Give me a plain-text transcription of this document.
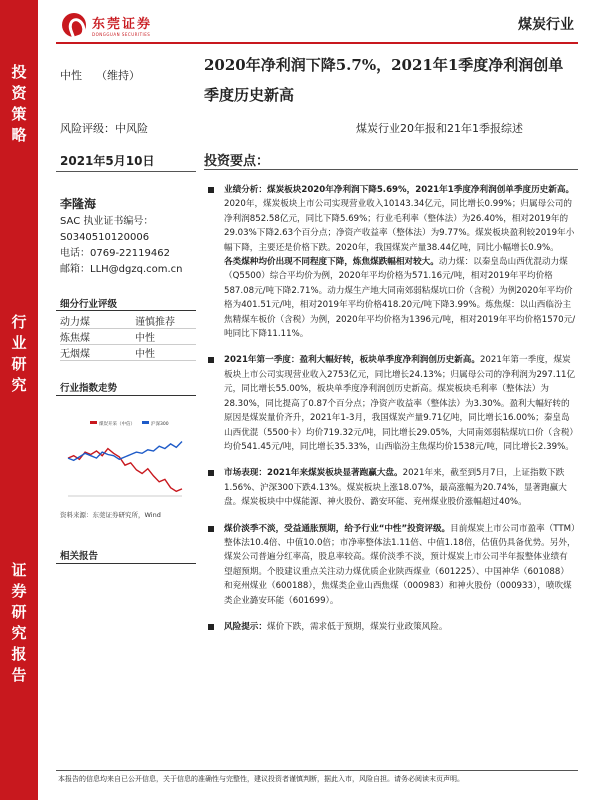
投
资
策
略
行
业
研
究
证
券
研
究
报
告
东莞证券
DONGGUAN SECURITIES
煤炭行业
中性 （维持）
2020年净利润下降5.7%，2021年1季度净利润创单季度历史新高
风险评级：中风险	煤炭行业20年报和21年1季报综述
2021年5月10日	投资要点：
李隆海
SAC 执业证书编号：
S0340510120006
电话：0769-22119462
邮箱：LLH@dgzq.com.cn
细分行业评级
动力煤	谨慎推荐
炼焦煤	中性
无烟煤	中性
行业指数走势
煤炭开采（中信）	沪深300
资料来源：东莞证券研究所，Wind
相关报告
业绩分析：煤炭板块2020年净利润下降5.69%，2021年1季度净利润创单季度历史新高。2020年，煤炭板块上市公司实现营业收入10143.34亿元，同比增长0.99%；归属母公司的净利润852.58亿元，同比下降5.69%；行业毛利率（整体法）为26.40%，相对2019年的29.03%下降2.63个百分点；净资产收益率（整体法）为9.77%。煤炭板块盈利较2019年小幅下降，主要还是价格下跌。2020年，我国煤炭产量38.44亿吨，同比小幅增长0.9%。
各类煤种均价出现不同程度下降，炼焦煤跌幅相对较大。动力煤：以秦皇岛山西优混动力煤（Q5500）综合平均价为例，2020年平均价格为571.16元/吨，相对2019年平均价格587.08元/吨下降2.71%。动力煤生产地大同南郊弱粘煤坑口价（含税）为例2020年平均价格为401.51元/吨，相对2019年平均价格418.20元/吨下降3.99%。炼焦煤：以山西临汾主焦精煤车板价（含税）为例，2020年平均价格为1396元/吨，相对2019年平均价格1570元/吨同比下降11.11%。
2021年第一季度：盈利大幅好转，板块单季度净利润创历史新高。2021年第一季度，煤炭板块上市公司实现营业收入2753亿元，同比增长24.13%；归属母公司的净利润为297.11亿元，同比增长55.00%，板块单季度净利润创历史新高。煤炭板块毛利率（整体法）为28.30%，同比提高了0.87个百分点；净资产收益率（整体法）为3.30%。盈利大幅好转的原因是煤炭量价齐升，2021年1-3月，我国煤炭产量9.71亿吨，同比增长16.00%；秦皇岛山西优混（5500卡）均价719.32元/吨，同比增长29.05%，大同南郊弱粘煤坑口价（含税）均价541.45元/吨，同比增长35.33%，山西临汾主焦煤均价1538元/吨，同比增长2.39%。
市场表现：2021年来煤炭板块显著跑赢大盘。2021年来，截至到5月7日，上证指数下跌1.56%、沪深300下跌4.13%。煤炭板块上涨18.07%，最高涨幅为20.74%，显著跑赢大盘。煤炭板块中中煤能源、神火股份、潞安环能、兖州煤业股价涨幅超过40%。
煤价淡季不淡，受益通胀预期，给予行业“中性”投资评级。目前煤炭上市公司市盈率（TTM）整体法10.4倍、中值10.0倍；市净率整体法1.11倍、中值1.18倍，估值仍具备优势。另外，煤炭公司普遍分红率高，股息率较高。煤价淡季不淡，预计煤炭上市公司半年报整体业绩有望超预期。个股建议重点关注动力煤优质企业陕西煤业（601225）、中国神华（601088）和兖州煤业（600188），焦煤类企业山西焦煤（000983）和神火股份（000933），喷吹煤类企业潞安环能（601699）。
风险提示：煤价下跌，需求低于预期，煤炭行业政策风险。
本报告的信息均来自已公开信息，关于信息的准确性与完整性，建议投资者谨慎判断，据此入市，风险自担。请务必阅读末页声明。
